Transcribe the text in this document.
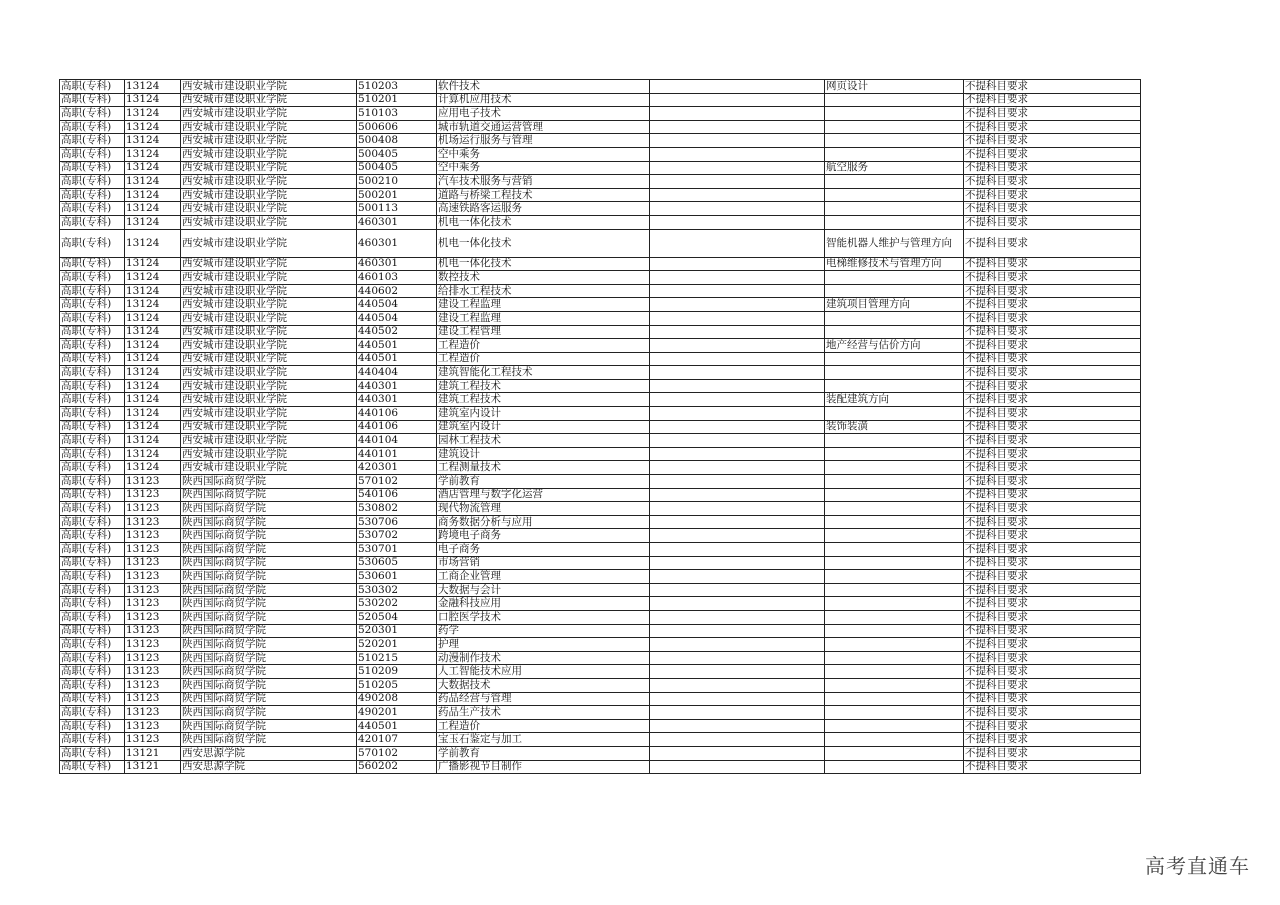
高职(专科)	13124	西安城市建设职业学院	510203	软件技术		网页设计	不提科目要求
高职(专科)	13124	西安城市建设职业学院	510201	计算机应用技术			不提科目要求
高职(专科)	13124	西安城市建设职业学院	510103	应用电子技术			不提科目要求
高职(专科)	13124	西安城市建设职业学院	500606	城市轨道交通运营管理			不提科目要求
高职(专科)	13124	西安城市建设职业学院	500408	机场运行服务与管理			不提科目要求
高职(专科)	13124	西安城市建设职业学院	500405	空中乘务			不提科目要求
高职(专科)	13124	西安城市建设职业学院	500405	空中乘务		航空服务	不提科目要求
高职(专科)	13124	西安城市建设职业学院	500210	汽车技术服务与营销			不提科目要求
高职(专科)	13124	西安城市建设职业学院	500201	道路与桥梁工程技术			不提科目要求
高职(专科)	13124	西安城市建设职业学院	500113	高速铁路客运服务			不提科目要求
高职(专科)	13124	西安城市建设职业学院	460301	机电一体化技术			不提科目要求
高职(专科)	13124	西安城市建设职业学院	460301	机电一体化技术		智能机器人维护与管理方向	不提科目要求
高职(专科)	13124	西安城市建设职业学院	460301	机电一体化技术		电梯维修技术与管理方向	不提科目要求
高职(专科)	13124	西安城市建设职业学院	460103	数控技术			不提科目要求
高职(专科)	13124	西安城市建设职业学院	440602	给排水工程技术			不提科目要求
高职(专科)	13124	西安城市建设职业学院	440504	建设工程监理		建筑项目管理方向	不提科目要求
高职(专科)	13124	西安城市建设职业学院	440504	建设工程监理			不提科目要求
高职(专科)	13124	西安城市建设职业学院	440502	建设工程管理			不提科目要求
高职(专科)	13124	西安城市建设职业学院	440501	工程造价		地产经营与估价方向	不提科目要求
高职(专科)	13124	西安城市建设职业学院	440501	工程造价			不提科目要求
高职(专科)	13124	西安城市建设职业学院	440404	建筑智能化工程技术			不提科目要求
高职(专科)	13124	西安城市建设职业学院	440301	建筑工程技术			不提科目要求
高职(专科)	13124	西安城市建设职业学院	440301	建筑工程技术		装配建筑方向	不提科目要求
高职(专科)	13124	西安城市建设职业学院	440106	建筑室内设计			不提科目要求
高职(专科)	13124	西安城市建设职业学院	440106	建筑室内设计		装饰装潢	不提科目要求
高职(专科)	13124	西安城市建设职业学院	440104	园林工程技术			不提科目要求
高职(专科)	13124	西安城市建设职业学院	440101	建筑设计			不提科目要求
高职(专科)	13124	西安城市建设职业学院	420301	工程测量技术			不提科目要求
高职(专科)	13123	陕西国际商贸学院	570102	学前教育			不提科目要求
高职(专科)	13123	陕西国际商贸学院	540106	酒店管理与数字化运营			不提科目要求
高职(专科)	13123	陕西国际商贸学院	530802	现代物流管理			不提科目要求
高职(专科)	13123	陕西国际商贸学院	530706	商务数据分析与应用			不提科目要求
高职(专科)	13123	陕西国际商贸学院	530702	跨境电子商务			不提科目要求
高职(专科)	13123	陕西国际商贸学院	530701	电子商务			不提科目要求
高职(专科)	13123	陕西国际商贸学院	530605	市场营销			不提科目要求
高职(专科)	13123	陕西国际商贸学院	530601	工商企业管理			不提科目要求
高职(专科)	13123	陕西国际商贸学院	530302	大数据与会计			不提科目要求
高职(专科)	13123	陕西国际商贸学院	530202	金融科技应用			不提科目要求
高职(专科)	13123	陕西国际商贸学院	520504	口腔医学技术			不提科目要求
高职(专科)	13123	陕西国际商贸学院	520301	药学			不提科目要求
高职(专科)	13123	陕西国际商贸学院	520201	护理			不提科目要求
高职(专科)	13123	陕西国际商贸学院	510215	动漫制作技术			不提科目要求
高职(专科)	13123	陕西国际商贸学院	510209	人工智能技术应用			不提科目要求
高职(专科)	13123	陕西国际商贸学院	510205	大数据技术			不提科目要求
高职(专科)	13123	陕西国际商贸学院	490208	药品经营与管理			不提科目要求
高职(专科)	13123	陕西国际商贸学院	490201	药品生产技术			不提科目要求
高职(专科)	13123	陕西国际商贸学院	440501	工程造价			不提科目要求
高职(专科)	13123	陕西国际商贸学院	420107	宝玉石鉴定与加工			不提科目要求
高职(专科)	13121	西安思源学院	570102	学前教育			不提科目要求
高职(专科)	13121	西安思源学院	560202	广播影视节目制作			不提科目要求
高考直通车
